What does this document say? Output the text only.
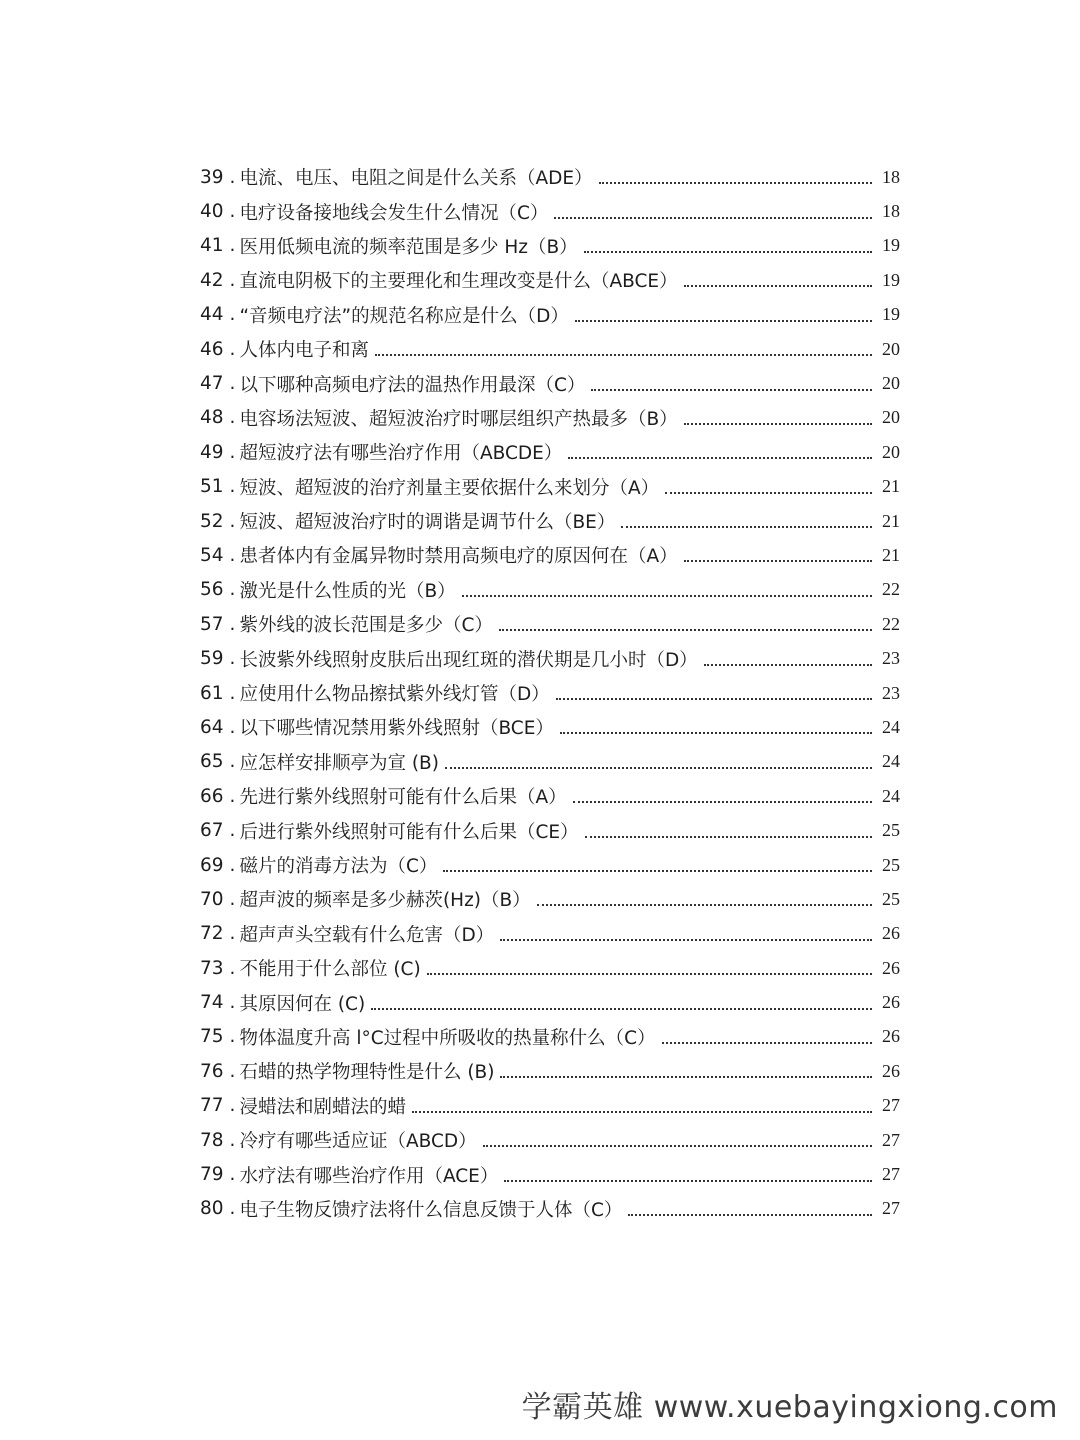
39 . 电流、电压、电阻之间是什么关系（ADE）	18
40 . 电疗设备接地线会发生什么情况（C）	18
41 . 医用低频电流的频率范围是多少 Hz（B）	19
42 . 直流电阴极下的主要理化和生理改变是什么（ABCE）	19
44 . “音频电疗法”的规范名称应是什么（D）	19
46 . 人体内电子和离	20
47 . 以下哪种高频电疗法的温热作用最深（C）	20
48 . 电容场法短波、超短波治疗时哪层组织产热最多（B）	20
49 . 超短波疗法有哪些治疗作用（ABCDE）	20
51 . 短波、超短波的治疗剂量主要依据什么来划分（A）	21
52 . 短波、超短波治疗时的调谐是调节什么（BE）	21
54 . 患者体内有金属异物时禁用高频电疗的原因何在（A）	21
56 . 激光是什么性质的光（B）	22
57 . 紫外线的波长范围是多少（C）	22
59 . 长波紫外线照射皮肤后出现红斑的潜伏期是几小时（D）	23
61 . 应使用什么物品擦拭紫外线灯管（D）	23
64 . 以下哪些情况禁用紫外线照射（BCE）	24
65 . 应怎样安排顺亭为宣 (B)	24
66 . 先进行紫外线照射可能有什么后果（A）	24
67 . 后进行紫外线照射可能有什么后果（CE）	25
69 . 磁片的消毒方法为（C）	25
70 . 超声波的频率是多少赫茨(Hz)（B）	25
72 . 超声声头空载有什么危害（D）	26
73 . 不能用于什么部位 (C)	26
74 . 其原因何在 (C)	26
75 . 物体温度升高 l°C过程中所吸收的热量称什么（C）	26
76 . 石蜡的热学物理特性是什么 (B)	26
77 . 浸蜡法和剧蜡法的蜡	27
78 . 冷疗有哪些适应证（ABCD）	27
79 . 水疗法有哪些治疗作用（ACE）	27
80 . 电子生物反馈疗法将什么信息反馈于人体（C）	27
学霸英雄 www.xuebayingxiong.com
